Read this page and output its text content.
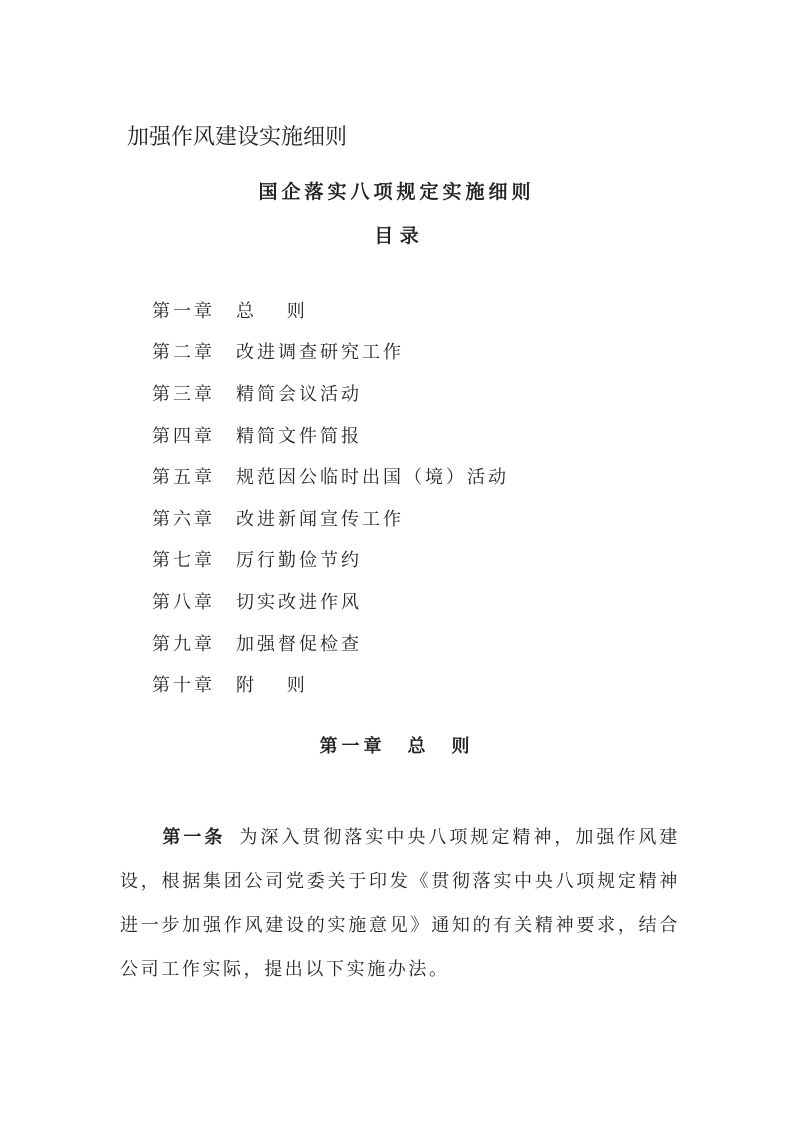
加强作风建设实施细则
国企落实八项规定实施细则
目 录
第一章	总　 则
第二章	改进调查研究工作
第三章	精简会议活动
第四章	精简文件简报
第五章	规范因公临时出国（境）活动
第六章	改进新闻宣传工作
第七章	厉行勤俭节约
第八章	切实改进作风
第九章	加强督促检查
第十章	附　 则
第一章 总　则

第一条 为深入贯彻落实中央八项规定精神，加强作风建设，根据集团公司党委关于印发《贯彻落实中央八项规定精神进一步加强作风建设的实施意见》通知的有关精神要求，结合公司工作实际，提出以下实施办法。
